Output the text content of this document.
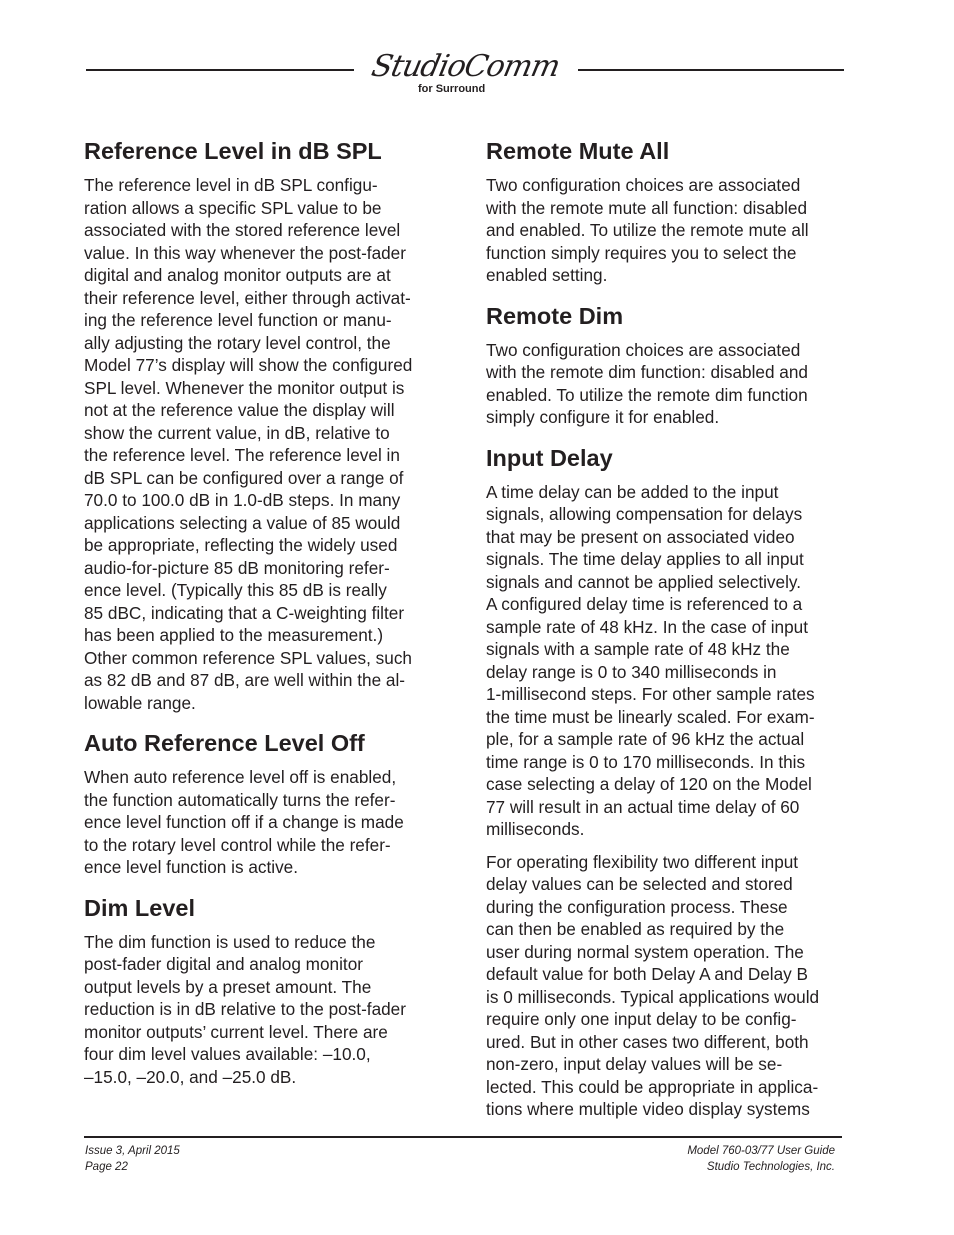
StudioComm
for Surround
Reference Level in dB SPL

The reference level in dB SPL configu-
ration allows a specific SPL value to be
associated with the stored reference level
value. In this way whenever the post-fader
digital and analog monitor outputs are at
their reference level, either through activat-
ing the reference level function or manu-
ally adjusting the rotary level control, the
Model 77’s display will show the configured
SPL level. Whenever the monitor output is
not at the reference value the display will
show the current value, in dB, relative to
the reference level. The reference level in
dB SPL can be configured over a range of
70.0 to 100.0 dB in 1.0-dB steps. In many
applications selecting a value of 85 would
be appropriate, reflecting the widely used
audio-for-picture 85 dB monitoring refer-
ence level. (Typically this 85 dB is really
85 dBC, indicating that a C-weighting filter
has been applied to the measurement.)
Other common reference SPL values, such
as 82 dB and 87 dB, are well within the al-
lowable range.

Auto Reference Level Off

When auto reference level off is enabled,
the function automatically turns the refer-
ence level function off if a change is made
to the rotary level control while the refer-
ence level function is active.

Dim Level

The dim function is used to reduce the
post-fader digital and analog monitor
output levels by a preset amount. The
reduction is in dB relative to the post-fader
monitor outputs’ current level. There are
four dim level values available: –10.0,
–15.0, –20.0, and –25.0 dB.

Remote Mute All

Two configuration choices are associated
with the remote mute all function: disabled
and enabled. To utilize the remote mute all
function simply requires you to select the
enabled setting.

Remote Dim

Two configuration choices are associated
with the remote dim function: disabled and
enabled. To utilize the remote dim function
simply configure it for enabled.

Input Delay

A time delay can be added to the input
signals, allowing compensation for delays
that may be present on associated video
signals. The time delay applies to all input
signals and cannot be applied selectively.
A configured delay time is referenced to a
sample rate of 48 kHz. In the case of input
signals with a sample rate of 48 kHz the
delay range is 0 to 340 milliseconds in
1-millisecond steps. For other sample rates
the time must be linearly scaled. For exam-
ple, for a sample rate of 96 kHz the actual
time range is 0 to 170 milliseconds. In this
case selecting a delay of 120 on the Model
77 will result in an actual time delay of 60
milliseconds.

For operating flexibility two different input
delay values can be selected and stored
during the configuration process. These
can then be enabled as required by the
user during normal system operation. The
default value for both Delay A and Delay B
is 0 milliseconds. Typical applications would
require only one input delay to be config-
ured. But in other cases two different, both
non-zero, input delay values will be se-
lected. This could be appropriate in applica-
tions where multiple video display systems

Issue 3, April 2015
Page 22
Model 760-03/77 User Guide
Studio Technologies, Inc.
